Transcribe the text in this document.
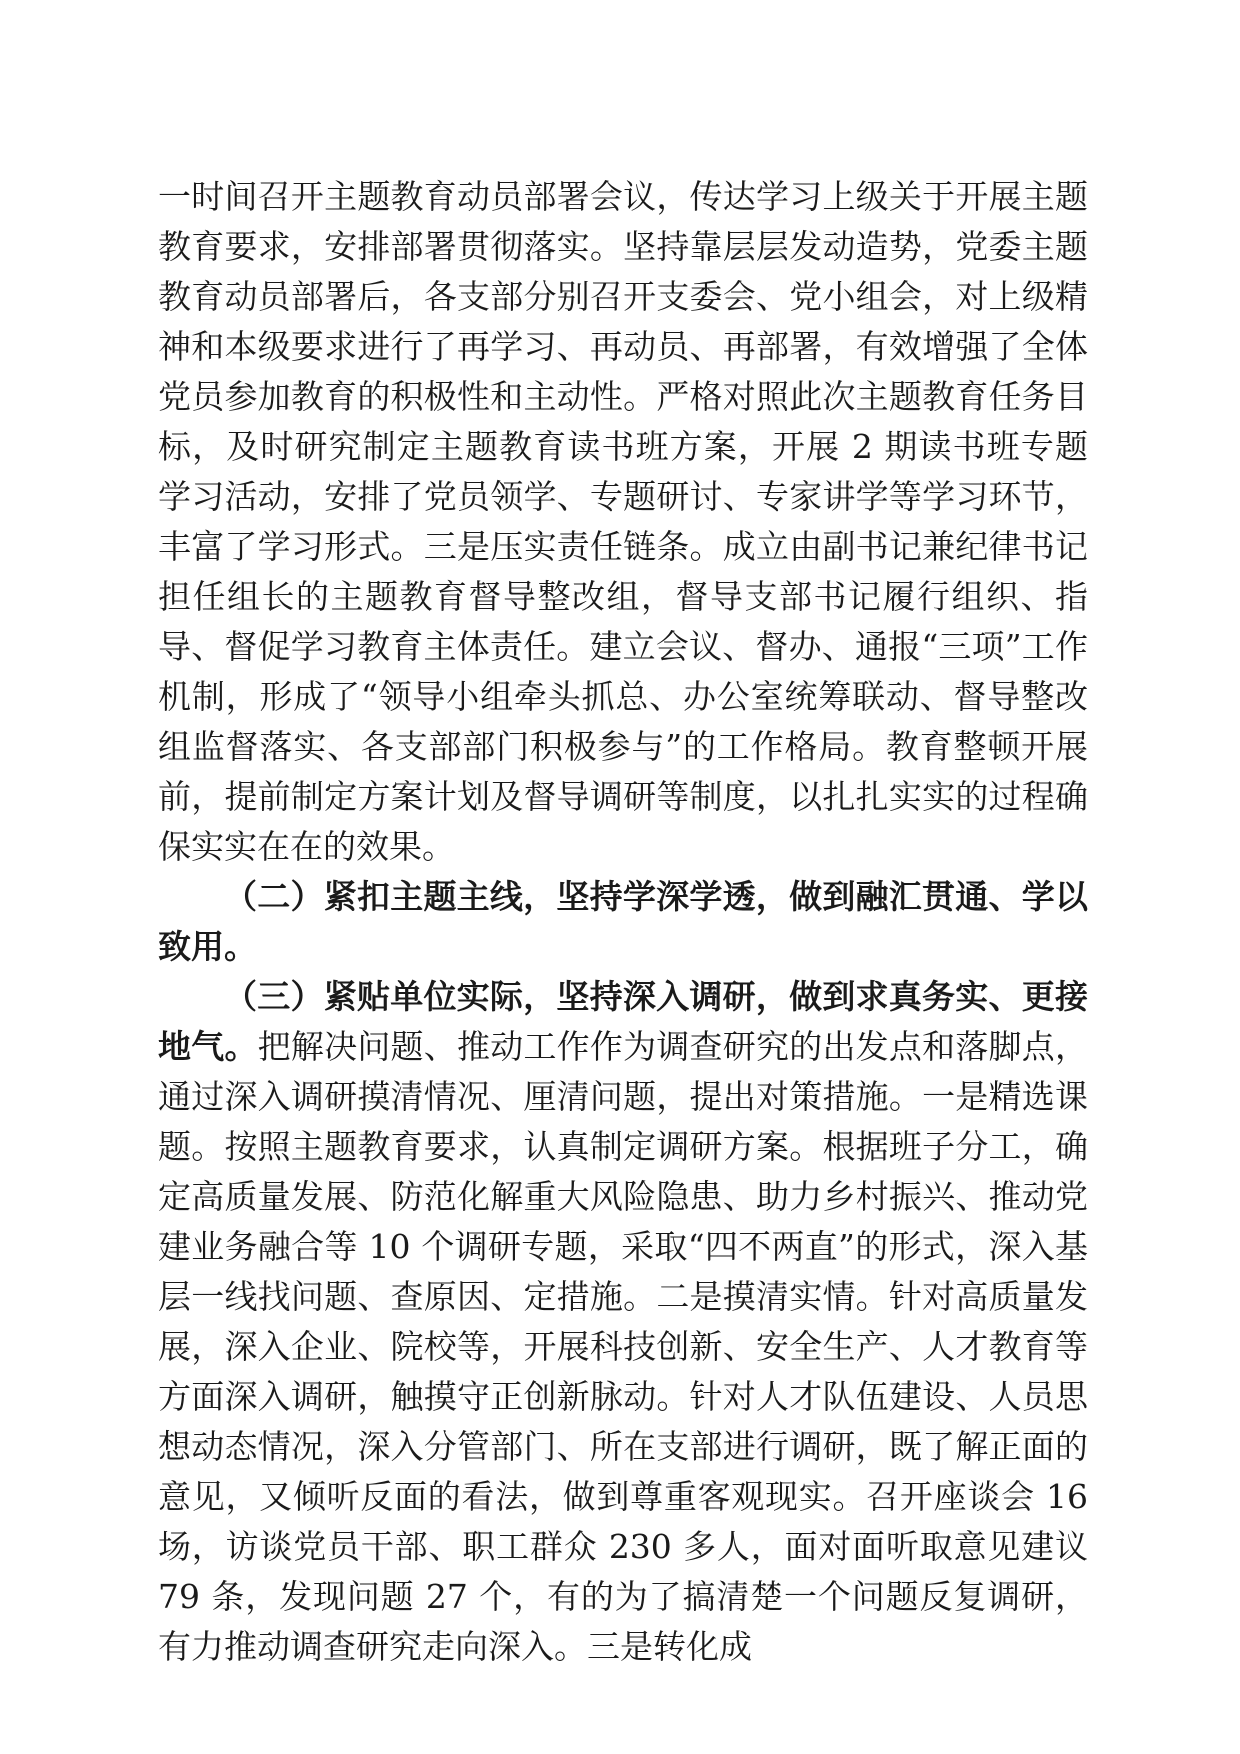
一时间召开主题教育动员部署会议，传达学习上级关于开展主题教育要求，安排部署贯彻落实。坚持靠层层发动造势，党委主题教育动员部署后，各支部分别召开支委会、党小组会，对上级精神和本级要求进行了再学习、再动员、再部署，有效增强了全体党员参加教育的积极性和主动性。严格对照此次主题教育任务目标，及时研究制定主题教育读书班方案，开展 2 期读书班专题学习活动，安排了党员领学、专题研讨、专家讲学等学习环节，丰富了学习形式。三是压实责任链条。成立由副书记兼纪律书记担任组长的主题教育督导整改组，督导支部书记履行组织、指导、督促学习教育主体责任。建立会议、督办、通报“三项”工作机制，形成了“领导小组牵头抓总、办公室统筹联动、督导整改组监督落实、各支部部门积极参与”的工作格局。教育整顿开展前，提前制定方案计划及督导调研等制度，以扎扎实实的过程确保实实在在的效果。

（二）紧扣主题主线，坚持学深学透，做到融汇贯通、学以致用。

（三）紧贴单位实际，坚持深入调研，做到求真务实、更接地气。把解决问题、推动工作作为调查研究的出发点和落脚点，通过深入调研摸清情况、厘清问题，提出对策措施。一是精选课题。按照主题教育要求，认真制定调研方案。根据班子分工，确定高质量发展、防范化解重大风险隐患、助力乡村振兴、推动党建业务融合等 10 个调研专题，采取“四不两直”的形式，深入基层一线找问题、查原因、定措施。二是摸清实情。针对高质量发展，深入企业、院校等，开展科技创新、安全生产、人才教育等方面深入调研，触摸守正创新脉动。针对人才队伍建设、人员思想动态情况，深入分管部门、所在支部进行调研，既了解正面的意见，又倾听反面的看法，做到尊重客观现实。召开座谈会 16 场，访谈党员干部、职工群众 230 多人，面对面听取意见建议 79 条，发现问题 27 个，有的为了搞清楚一个问题反复调研，有力推动调查研究走向深入。三是转化成
